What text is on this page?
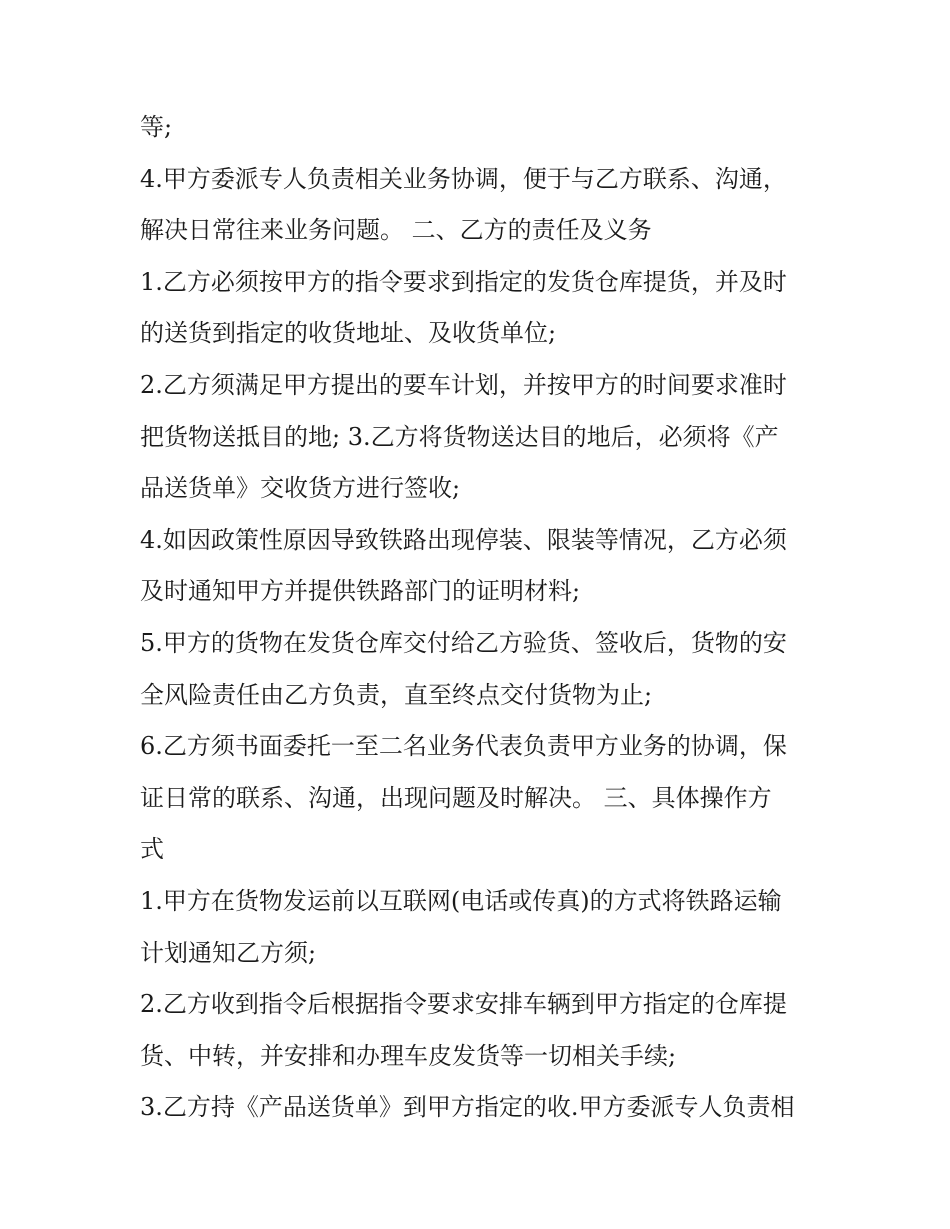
等;
4.甲方委派专人负责相关业务协调，便于与乙方联系、沟通，
解决日常往来业务问题。 二、乙方的责任及义务
1.乙方必须按甲方的指令要求到指定的发货仓库提货，并及时
的送货到指定的收货地址、及收货单位;
2.乙方须满足甲方提出的要车计划，并按甲方的时间要求准时
把货物送抵目的地; 3.乙方将货物送达目的地后，必须将《产
品送货单》交收货方进行签收;
4.如因政策性原因导致铁路出现停装、限装等情况，乙方必须
及时通知甲方并提供铁路部门的证明材料;
5.甲方的货物在发货仓库交付给乙方验货、签收后，货物的安
全风险责任由乙方负责，直至终点交付货物为止;
6.乙方须书面委托一至二名业务代表负责甲方业务的协调，保
证日常的联系、沟通，出现问题及时解决。 三、具体操作方
式
1.甲方在货物发运前以互联网(电话或传真)的方式将铁路运输
计划通知乙方须;
2.乙方收到指令后根据指令要求安排车辆到甲方指定的仓库提
货、中转，并安排和办理车皮发货等一切相关手续;
3.乙方持《产品送货单》到甲方指定的收.甲方委派专人负责相
